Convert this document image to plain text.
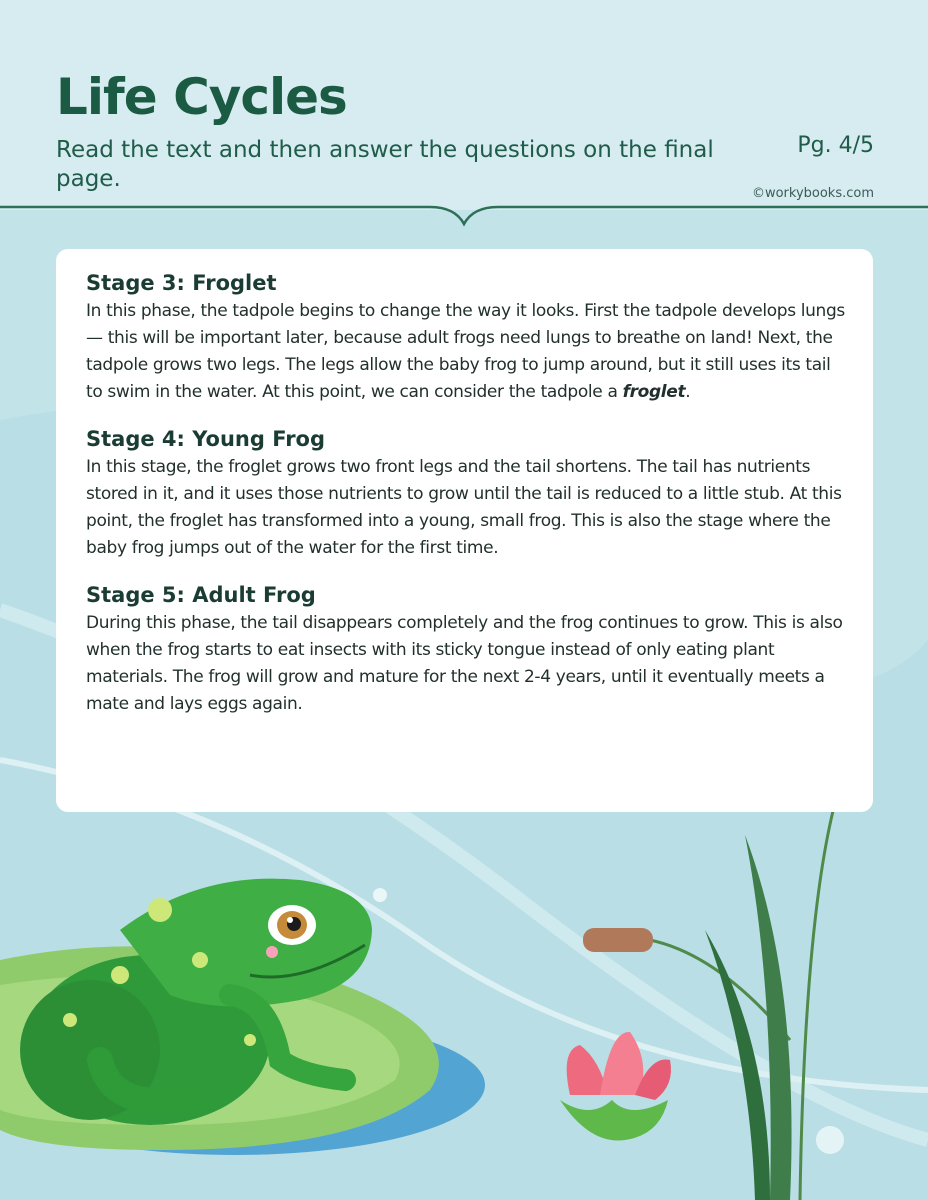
Life Cycles

Read the text and then answer the questions on the final page.

Pg. 4/5
©workybooks.com
Stage 3: Froglet

In this phase, the tadpole begins to change the way it looks. First the tadpole develops lungs — this will be important later, because adult frogs need lungs to breathe on land! Next, the tadpole grows two legs. The legs allow the baby frog to jump around, but it still uses its tail to swim in the water. At this point, we can consider the tadpole a froglet.

Stage 4: Young Frog

In this stage, the froglet grows two front legs and the tail shortens. The tail has nutrients stored in it, and it uses those nutrients to grow until the tail is reduced to a little stub. At this point, the froglet has transformed into a young, small frog. This is also the stage where the baby frog jumps out of the water for the first time.

Stage 5: Adult Frog

During this phase, the tail disappears completely and the frog continues to grow. This is also when the frog starts to eat insects with its sticky tongue instead of only eating plant materials. The frog will grow and mature for the next 2-4 years, until it eventually meets a mate and lays eggs again.
